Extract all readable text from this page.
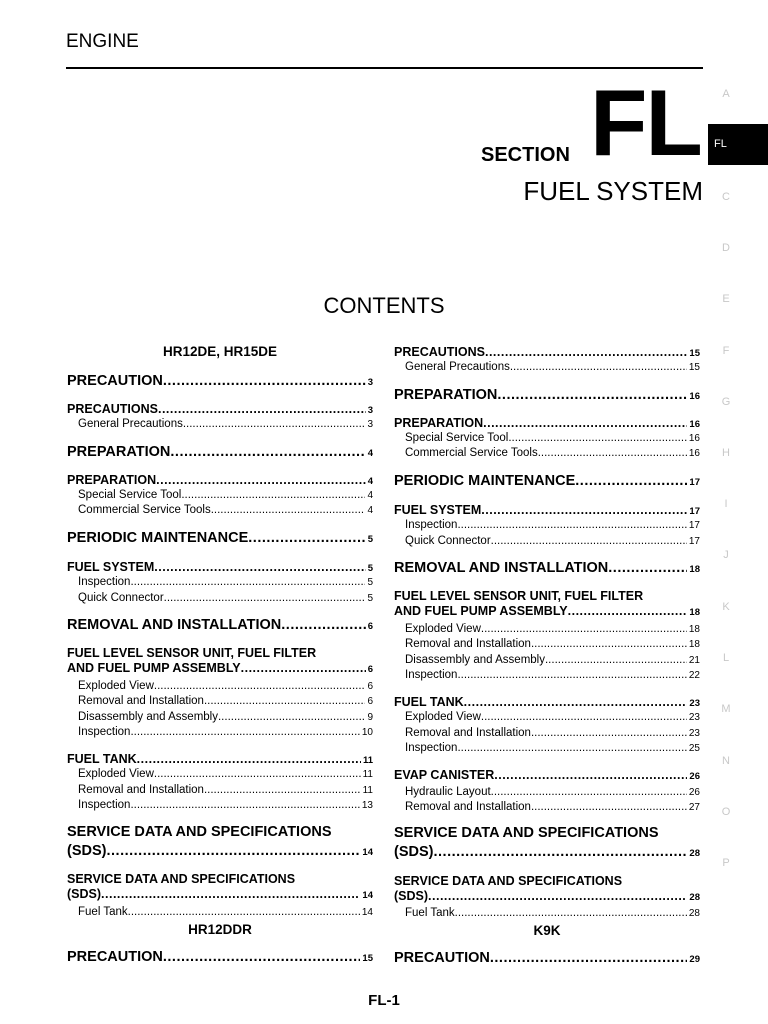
ENGINE
SECTION FL
FUEL SYSTEM
CONTENTS
A
FL
C
D
E
F
G
H
I
J
K
L
M
N
O
P
HR12DE, HR15DE
PRECAUTION .....	3
PRECAUTIONS .....	3
General Precautions .....	3
PREPARATION .....	4
PREPARATION .....	4
Special Service Tool .....	4
Commercial Service Tools .....	4
PERIODIC MAINTENANCE .....	5
FUEL SYSTEM .....	5
Inspection .....	5
Quick Connector .....	5
REMOVAL AND INSTALLATION .....	6
FUEL LEVEL SENSOR UNIT, FUEL FILTER
AND FUEL PUMP ASSEMBLY .....	6
Exploded View .....	6
Removal and Installation .....	6
Disassembly and Assembly .....	9
Inspection .....	10
FUEL TANK .....	11
Exploded View .....	11
Removal and Installation .....	11
Inspection .....	13
SERVICE DATA AND SPECIFICATIONS
(SDS) .....	14
SERVICE DATA AND SPECIFICATIONS
(SDS) .....	14
Fuel Tank .....	14
HR12DDR
PRECAUTION .....	15
PRECAUTIONS .....	15
General Precautions .....	15
PREPARATION .....	16
PREPARATION .....	16
Special Service Tool .....	16
Commercial Service Tools .....	16
PERIODIC MAINTENANCE .....	17
FUEL SYSTEM .....	17
Inspection .....	17
Quick Connector .....	17
REMOVAL AND INSTALLATION .....	18
FUEL LEVEL SENSOR UNIT, FUEL FILTER
AND FUEL PUMP ASSEMBLY .....	18
Exploded View .....	18
Removal and Installation .....	18
Disassembly and Assembly .....	21
Inspection .....	22
FUEL TANK .....	23
Exploded View .....	23
Removal and Installation .....	23
Inspection .....	25
EVAP CANISTER .....	26
Hydraulic Layout .....	26
Removal and Installation .....	27
SERVICE DATA AND SPECIFICATIONS
(SDS) .....	28
SERVICE DATA AND SPECIFICATIONS
(SDS) .....	28
Fuel Tank .....	28
K9K
PRECAUTION .....	29
FL-1
